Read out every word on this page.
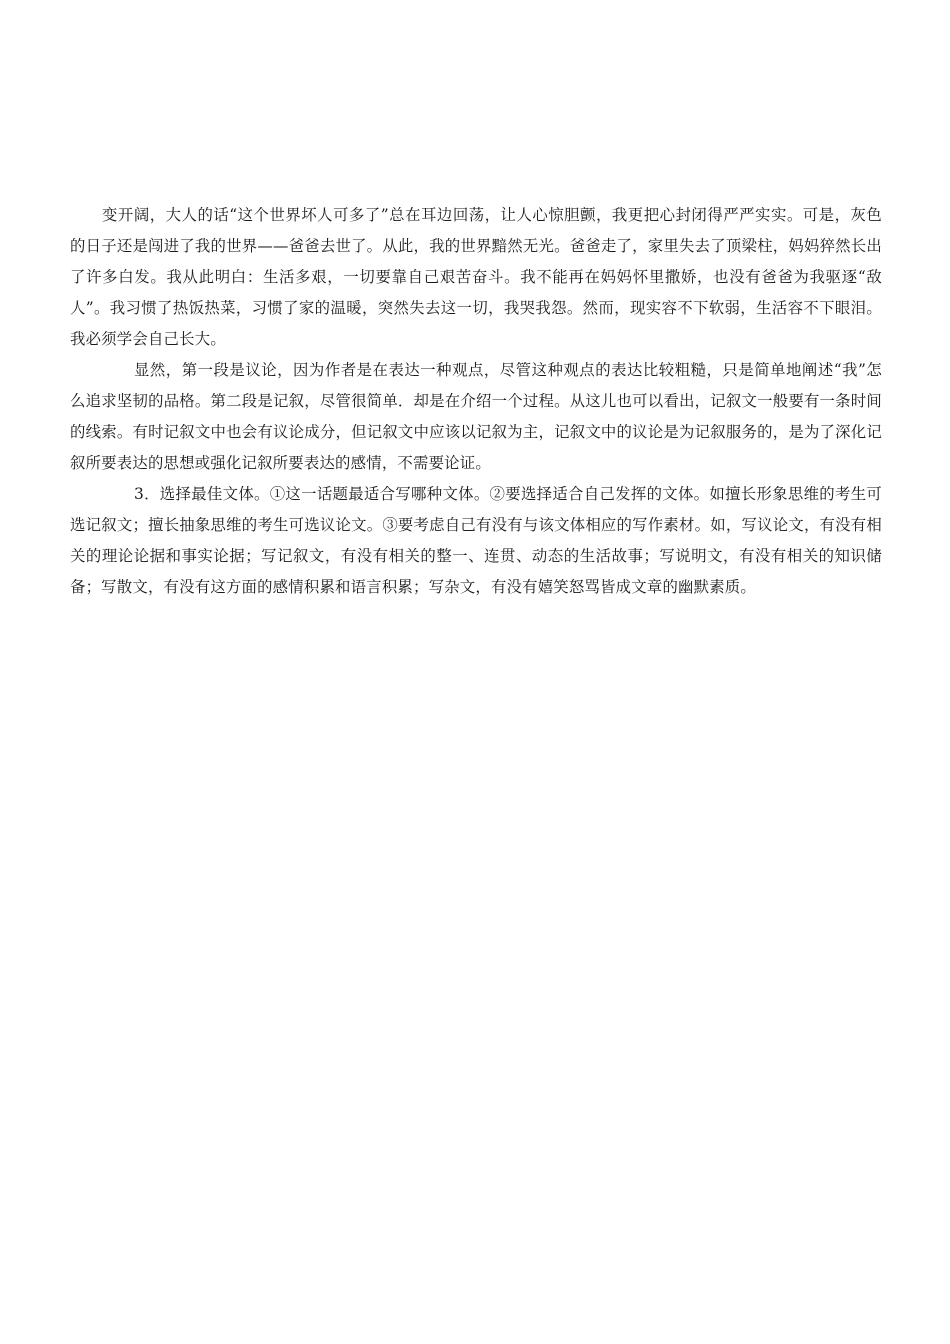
变开阔，大人的话“这个世界坏人可多了”总在耳边回荡，让人心惊胆颤，我更把心封闭得严严实实。可是，灰色的日子还是闯进了我的世界——爸爸去世了。从此，我的世界黯然无光。爸爸走了，家里失去了顶梁柱，妈妈猝然长出了许多白发。我从此明白：生活多艰，一切要靠自己艰苦奋斗。我不能再在妈妈怀里撒娇，也没有爸爸为我驱逐“敌人”。我习惯了热饭热菜，习惯了家的温暖，突然失去这一切，我哭我怨。然而，现实容不下软弱，生活容不下眼泪。我必须学会自己长大。

显然，第一段是议论，因为作者是在表达一种观点，尽管这种观点的表达比较粗糙，只是简单地阐述“我”怎么追求坚韧的品格。第二段是记叙，尽管很简单．却是在介绍一个过程。从这儿也可以看出，记叙文一般要有一条时间的线索。有时记叙文中也会有议论成分，但记叙文中应该以记叙为主，记叙文中的议论是为记叙服务的，是为了深化记叙所要表达的思想或强化记叙所要表达的感情，不需要论证。

3．选择最佳文体。①这一话题最适合写哪种文体。②要选择适合自己发挥的文体。如擅长形象思维的考生可选记叙文；擅长抽象思维的考生可选议论文。③要考虑自己有没有与该文体相应的写作素材。如，写议论文，有没有相关的理论论据和事实论据；写记叙文，有没有相关的整一、连贯、动态的生活故事；写说明文，有没有相关的知识储备；写散文，有没有这方面的感情积累和语言积累；写杂文，有没有嬉笑怒骂皆成文章的幽默素质。
